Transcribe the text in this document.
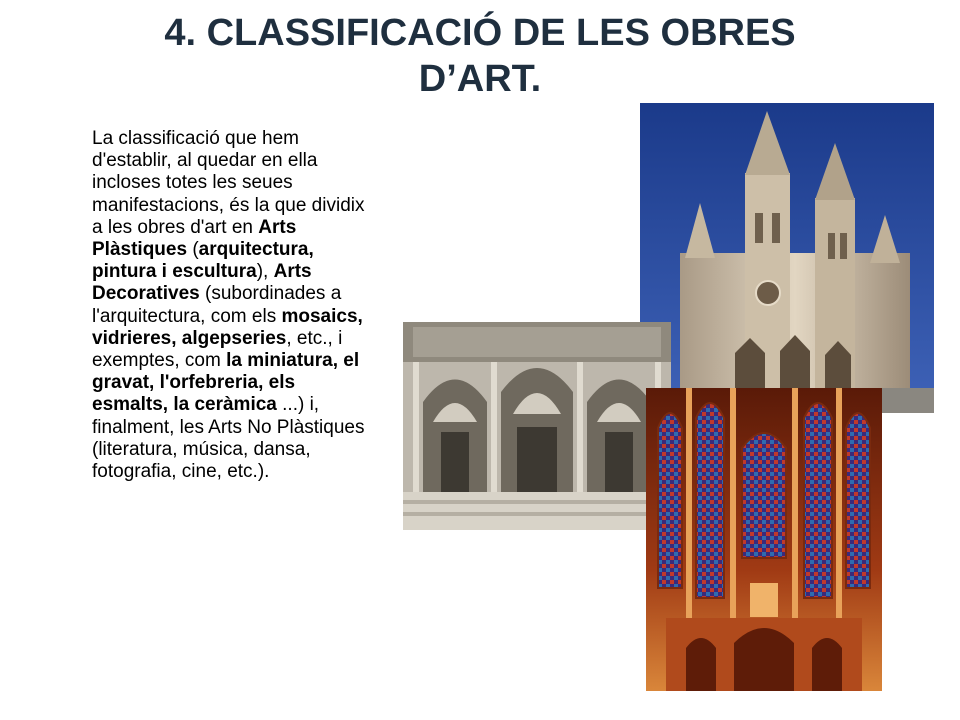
4. CLASSIFICACIÓ DE LES OBRES
D’ART.
La classificació que hem d'establir, al quedar en ella incloses totes les seues manifestacions, és la que dividix a les obres d'art en Arts Plàstiques (arquitectura, pintura i escultura), Arts Decoratives (subordinades a l'arquitectura, com els mosaics, vidrieres, algepseries, etc., i exemptes, com la miniatura, el gravat, l'orfebreria, els esmalts, la ceràmica ...) i, finalment, les Arts No Plàstiques (literatura, música, dansa, fotografia, cine, etc.).
